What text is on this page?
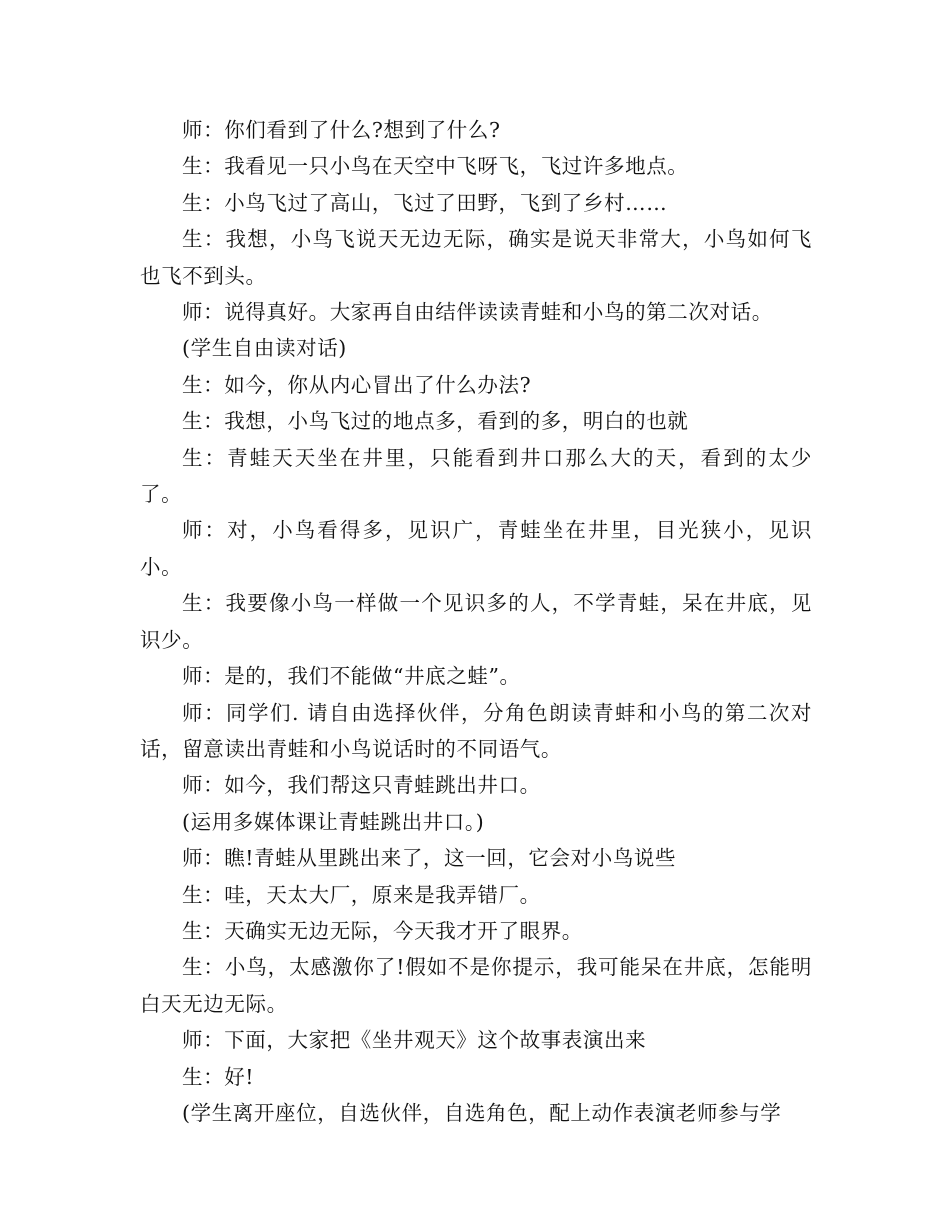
师：你们看到了什么?想到了什么?

生：我看见一只小鸟在天空中飞呀飞，飞过许多地点。

生：小鸟飞过了高山，飞过了田野，飞到了乡村……

生：我想，小鸟飞说天无边无际，确实是说天非常大，小鸟如何飞也飞不到头。

师：说得真好。大家再自由结伴读读青蛙和小鸟的第二次对话。

(学生自由读对话)

生：如今，你从内心冒出了什么办法?

生：我想，小鸟飞过的地点多，看到的多，明白的也就

生：青蛙天天坐在井里，只能看到井口那么大的天，看到的太少了。

师：对，小鸟看得多，见识广，青蛙坐在井里，目光狭小，见识小。

生：我要像小鸟一样做一个见识多的人，不学青蛙，呆在井底，见识少。

师：是的，我们不能做“井底之蛙”。

师：同学们. 请自由选择伙伴，分角色朗读青蚌和小鸟的第二次对话，留意读出青蛙和小鸟说话时的不同语气。

师：如今，我们帮这只青蛙跳出井口。

(运用多媒体课让青蛙跳出井口。)

师：瞧!青蛙从里跳出来了，这一回，它会对小鸟说些

生：哇，天太大厂，原来是我弄错厂。

生：天确实无边无际，今天我才开了眼界。

生：小鸟，太感激你了!假如不是你提示，我可能呆在井底，怎能明白天无边无际。

师：下面，大家把《坐井观天》这个故事表演出来

生：好!

(学生离开座位，自选伙伴，自选角色，配上动作表演老师参与学
